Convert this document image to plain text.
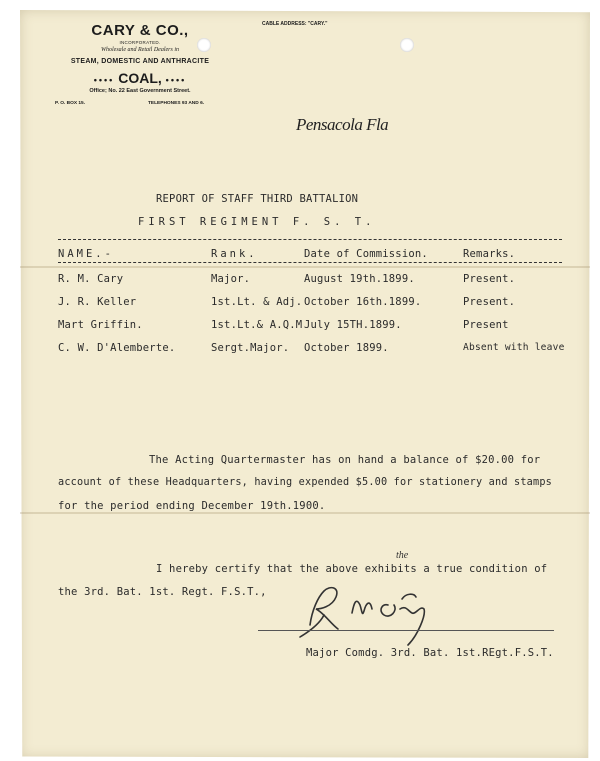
CARY & CO.,
INCORPORATED.
Wholesale and Retail Dealers in
STEAM, DOMESTIC AND ANTHRACITE
•••• COAL, ••••
Office; No. 22 East Government Street.
P. O. BOX 15.	TELEPHONES 93 AND 6.
CABLE ADDRESS: "CARY."
Pensacola Fla
REPORT OF STAFF THIRD BATTALION
FIRST REGIMENT F. S. T.
NAME.-	Rank.	Date of Commission.	Remarks.
R. M. Cary	Major.	August 19th.1899.	Present.
J. R. Keller	1st.Lt. & Adj. October 16th.1899.	Present.
Mart Griffin.	1st.Lt.& A.Q.M July 15TH.1899.	Present
C. W. D'Alemberte.	Sergt.Major. October 1899.	Absent with leave
The Acting Quartermaster has on hand a balance of $20.00 for
account of these Headquarters, having expended $5.00 for stationery and stamps
for the period ending December 19th.1900.
the
I hereby certify that the above exhibits a true condition of
the 3rd. Bat. 1st. Regt. F.S.T.,
Major Comdg. 3rd. Bat. 1st.REgt.F.S.T.
